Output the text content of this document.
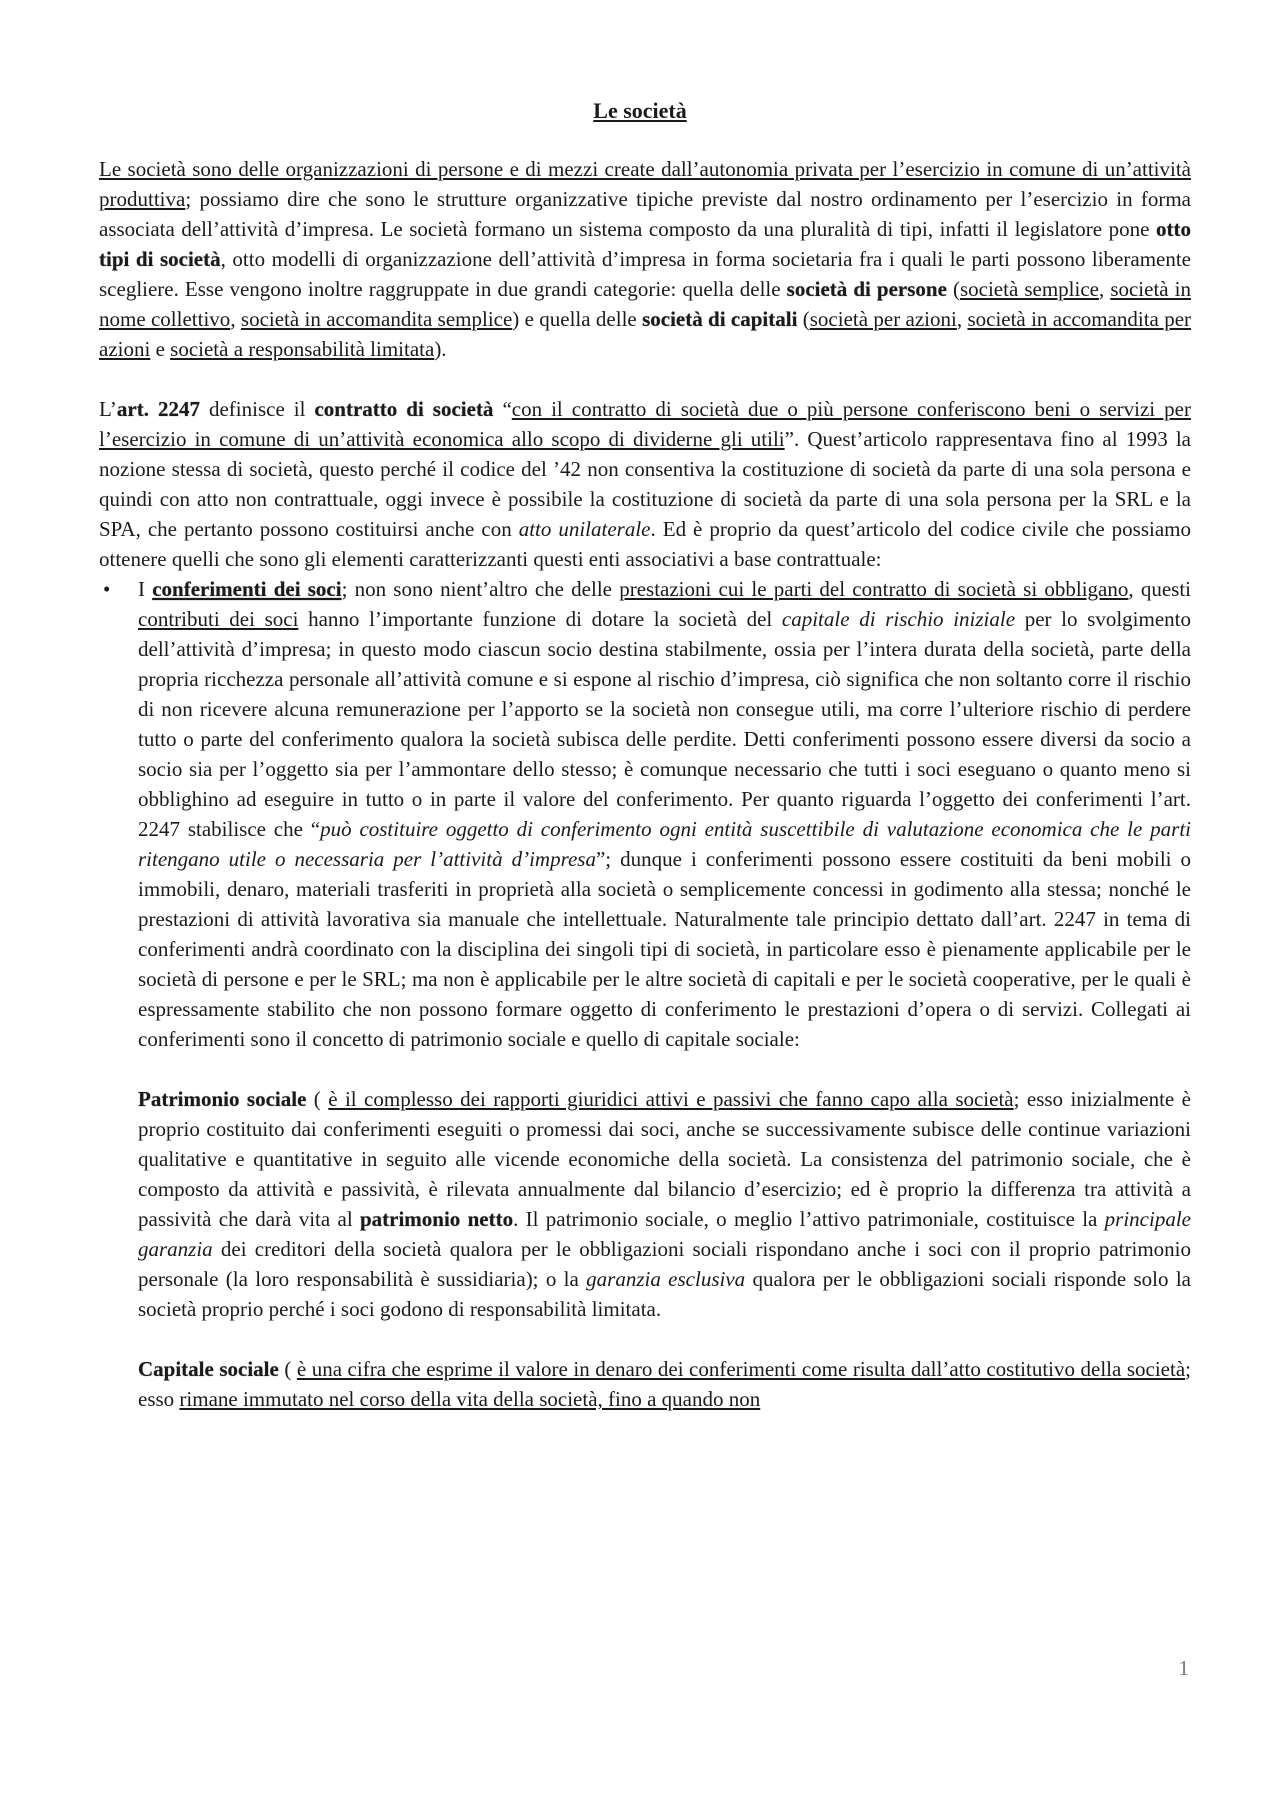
Le società

Le società sono delle organizzazioni di persone e di mezzi create dall’autonomia privata per l’esercizio in comune di un’attività produttiva; possiamo dire che sono le strutture organizzative tipiche previste dal nostro ordinamento per l’esercizio in forma associata dell’attività d’impresa. Le società formano un sistema composto da una pluralità di tipi, infatti il legislatore pone otto tipi di società, otto modelli di organizzazione dell’attività d’impresa in forma societaria fra i quali le parti possono liberamente scegliere. Esse vengono inoltre raggruppate in due grandi categorie: quella delle società di persone (società semplice, società in nome collettivo, società in accomandita semplice) e quella delle società di capitali (società per azioni, società in accomandita per azioni e società a responsabilità limitata).

L’art. 2247 definisce il contratto di società “con il contratto di società due o più persone conferiscono beni o servizi per l’esercizio in comune di un’attività economica allo scopo di dividerne gli utili”. Quest’articolo rappresentava fino al 1993 la nozione stessa di società, questo perché il codice del ’42 non consentiva la costituzione di società da parte di una sola persona e quindi con atto non contrattuale, oggi invece è possibile la costituzione di società da parte di una sola persona per la SRL e la SPA, che pertanto possono costituirsi anche con atto unilaterale. Ed è proprio da quest’articolo del codice civile che possiamo ottenere quelli che sono gli elementi caratterizzanti questi enti associativi a base contrattuale:

• I conferimenti dei soci; non sono nient’altro che delle prestazioni cui le parti del contratto di società si obbligano, questi contributi dei soci hanno l’importante funzione di dotare la società del capitale di rischio iniziale per lo svolgimento dell’attività d’impresa; in questo modo ciascun socio destina stabilmente, ossia per l’intera durata della società, parte della propria ricchezza personale all’attività comune e si espone al rischio d’impresa, ciò significa che non soltanto corre il rischio di non ricevere alcuna remunerazione per l’apporto se la società non consegue utili, ma corre l’ulteriore rischio di perdere tutto o parte del conferimento qualora la società subisca delle perdite. Detti conferimenti possono essere diversi da socio a socio sia per l’oggetto sia per l’ammontare dello stesso; è comunque necessario che tutti i soci eseguano o quanto meno si obblighino ad eseguire in tutto o in parte il valore del conferimento. Per quanto riguarda l’oggetto dei conferimenti l’art. 2247 stabilisce che “può costituire oggetto di conferimento ogni entità suscettibile di valutazione economica che le parti ritengano utile o necessaria per l’attività d’impresa”; dunque i conferimenti possono essere costituiti da beni mobili o immobili, denaro, materiali trasferiti in proprietà alla società o semplicemente concessi in godimento alla stessa; nonché le prestazioni di attività lavorativa sia manuale che intellettuale. Naturalmente tale principio dettato dall’art. 2247 in tema di conferimenti andrà coordinato con la disciplina dei singoli tipi di società, in particolare esso è pienamente applicabile per le società di persone e per le SRL; ma non è applicabile per le altre società di capitali e per le società cooperative, per le quali è espressamente stabilito che non possono formare oggetto di conferimento le prestazioni d’opera o di servizi. Collegati ai conferimenti sono il concetto di patrimonio sociale e quello di capitale sociale:

Patrimonio sociale ( è il complesso dei rapporti giuridici attivi e passivi che fanno capo alla società; esso inizialmente è proprio costituito dai conferimenti eseguiti o promessi dai soci, anche se successivamente subisce delle continue variazioni qualitative e quantitative in seguito alle vicende economiche della società. La consistenza del patrimonio sociale, che è composto da attività e passività, è rilevata annualmente dal bilancio d’esercizio; ed è proprio la differenza tra attività a passività che darà vita al patrimonio netto. Il patrimonio sociale, o meglio l’attivo patrimoniale, costituisce la principale garanzia dei creditori della società qualora per le obbligazioni sociali rispondano anche i soci con il proprio patrimonio personale (la loro responsabilità è sussidiaria); o la garanzia esclusiva qualora per le obbligazioni sociali risponde solo la società proprio perché i soci godono di responsabilità limitata.

Capitale sociale ( è una cifra che esprime il valore in denaro dei conferimenti come risulta dall’atto costitutivo della società; esso rimane immutato nel corso della vita della società, fino a quando non

1
